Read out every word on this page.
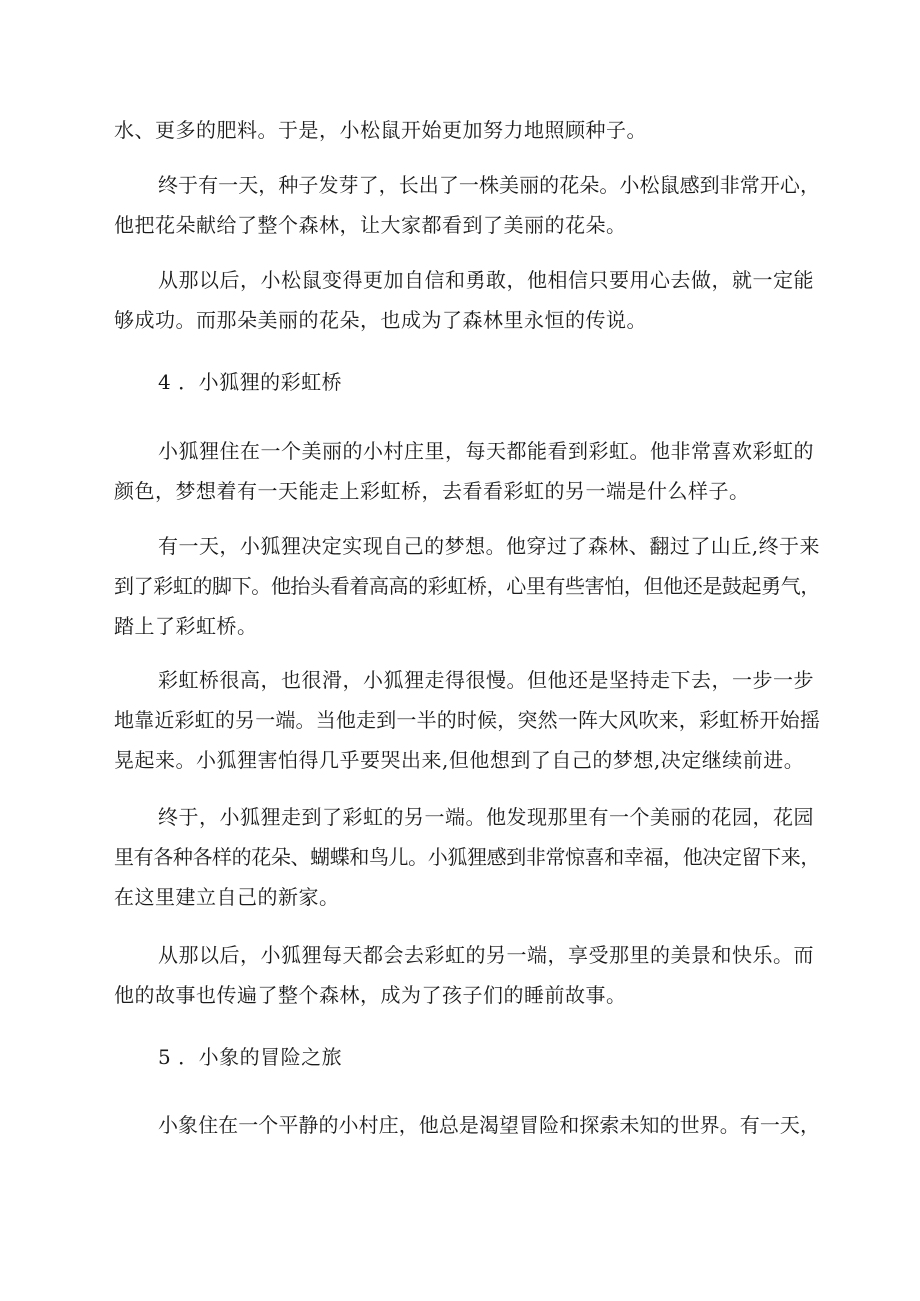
水、更多的肥料。于是，小松鼠开始更加努力地照顾种子。
终于有一天，种子发芽了，长出了一株美丽的花朵。小松鼠感到非常开心，
他把花朵献给了整个森林，让大家都看到了美丽的花朵。
从那以后，小松鼠变得更加自信和勇敢，他相信只要用心去做，就一定能
够成功。而那朵美丽的花朵，也成为了森林里永恒的传说。
4 ．小狐狸的彩虹桥
小狐狸住在一个美丽的小村庄里，每天都能看到彩虹。他非常喜欢彩虹的
颜色，梦想着有一天能走上彩虹桥，去看看彩虹的另一端是什么样子。
有一天，小狐狸决定实现自己的梦想。他穿过了森林、翻过了山丘,终于来
到了彩虹的脚下。他抬头看着高高的彩虹桥，心里有些害怕，但他还是鼓起勇气，
踏上了彩虹桥。
彩虹桥很高，也很滑，小狐狸走得很慢。但他还是坚持走下去，一步一步
地靠近彩虹的另一端。当他走到一半的时候，突然一阵大风吹来，彩虹桥开始摇
晃起来。小狐狸害怕得几乎要哭出来,但他想到了自己的梦想,决定继续前进。
终于，小狐狸走到了彩虹的另一端。他发现那里有一个美丽的花园，花园
里有各种各样的花朵、蝴蝶和鸟儿。小狐狸感到非常惊喜和幸福，他决定留下来，
在这里建立自己的新家。
从那以后，小狐狸每天都会去彩虹的另一端，享受那里的美景和快乐。而
他的故事也传遍了整个森林，成为了孩子们的睡前故事。
5 ．小象的冒险之旅
小象住在一个平静的小村庄，他总是渴望冒险和探索未知的世界。有一天，
